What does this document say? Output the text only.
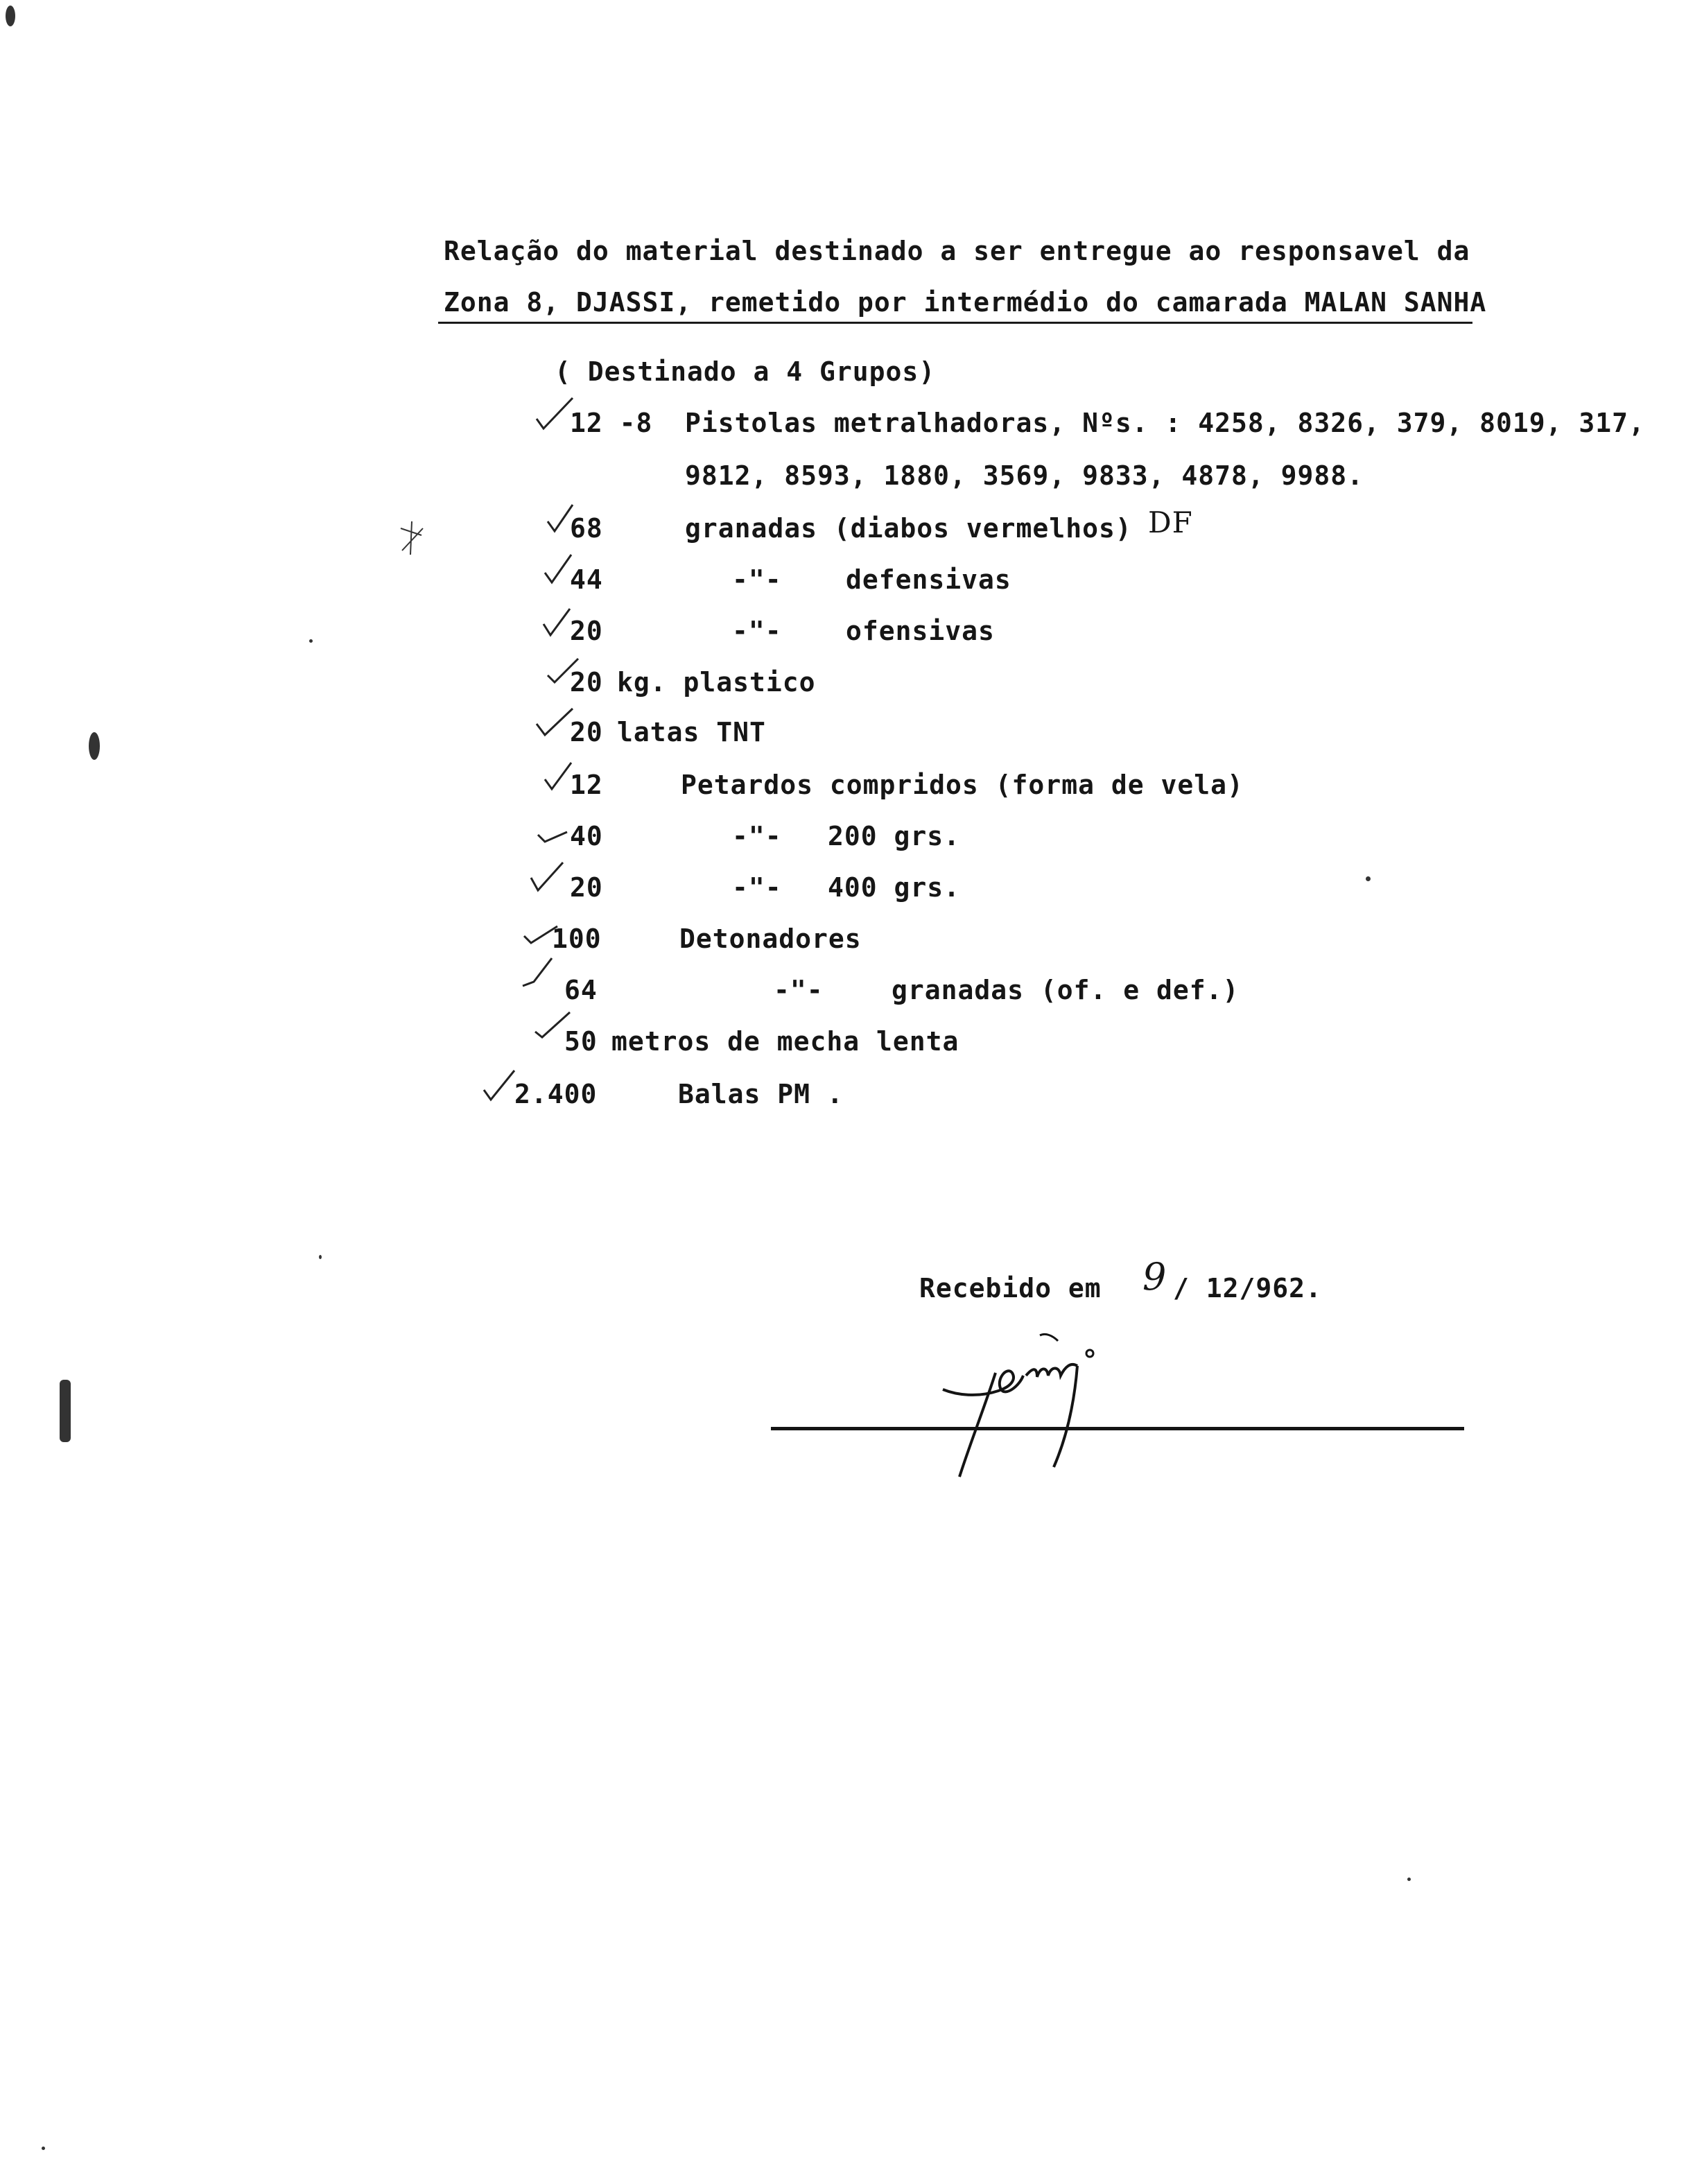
Relação do material destinado a ser entregue ao responsavel da
Zona 8, DJASSI, remetido por intermédio do camarada MALAN SANHA
( Destinado a 4 Grupos)
12 -8 Pistolas metralhadoras, Nºs. : 4258, 8326, 379, 8019, 317,
9812, 8593, 1880, 3569, 9833, 4878, 9988.
68	granadas (diabos vermelhos) DF
44	-"- defensivas
20	-"- ofensivas
20 kg. plastico
20 latas TNT
12	Petardos compridos (forma de vela)
40	-"- 200 grs.
20	-"- 400 grs.
100	Detonadores
64	-"-	granadas (of. e def.)
50 metros de mecha lenta
2.400	Balas PM .
Recebido em 9 / 12/962.
